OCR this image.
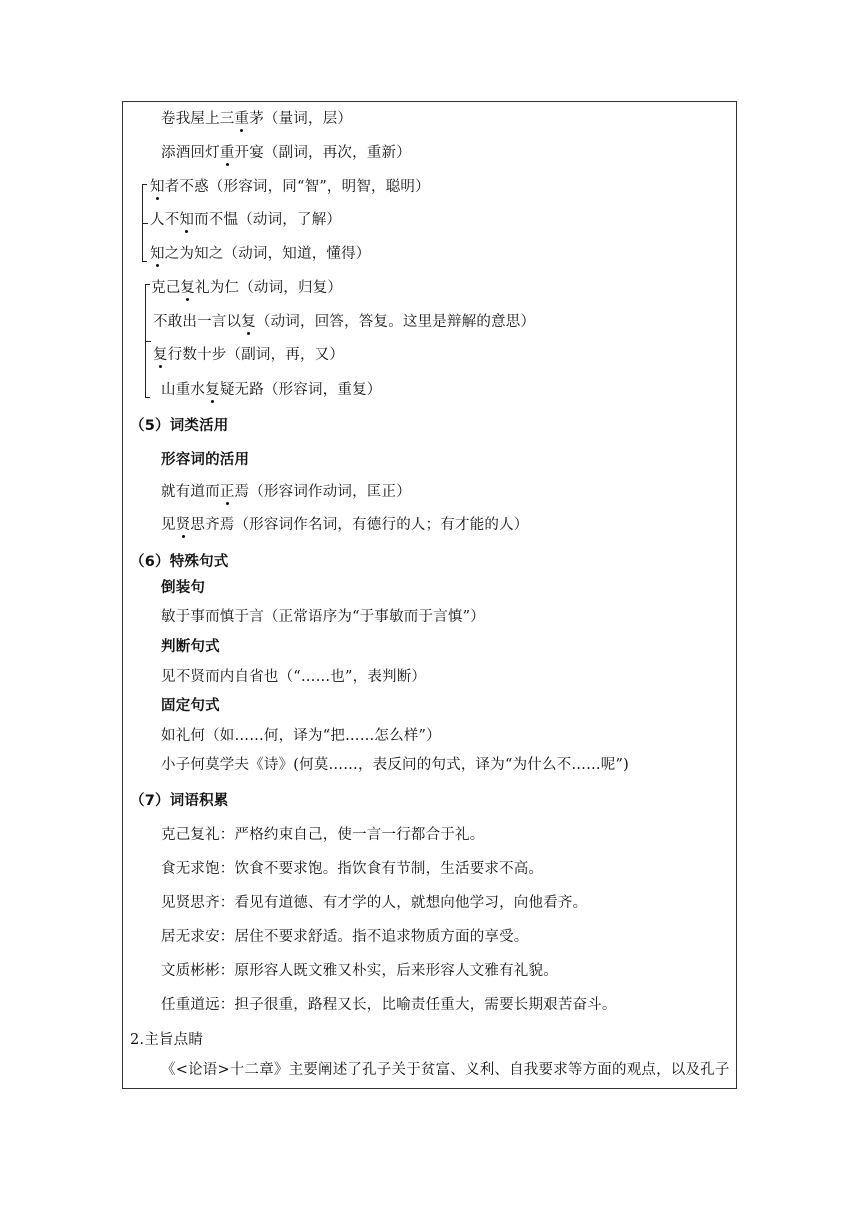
卷我屋上三重茅（量词，层）
添酒回灯重开宴（副词，再次，重新）
知者不惑（形容词，同“智”，明智，聪明）
人不知而不愠（动词，了解）
知之为知之（动词，知道，懂得）
克己复礼为仁（动词，归复）
不敢出一言以复（动词，回答，答复。这里是辩解的意思）
复行数十步（副词，再，又）
山重水复疑无路（形容词，重复）
（5）词类活用
形容词的活用
就有道而正焉（形容词作动词，匡正）
见贤思齐焉（形容词作名词，有德行的人；有才能的人）
（6）特殊句式
倒装句
敏于事而慎于言（正常语序为“于事敏而于言慎”）
判断句式
见不贤而内自省也（“……也”，表判断）
固定句式
如礼何（如……何，译为“把……怎么样”）
小子何莫学夫《诗》(何莫……，表反问的句式，译为“为什么不……呢”)
（7）词语积累
克己复礼：严格约束自己，使一言一行都合于礼。
食无求饱：饮食不要求饱。指饮食有节制，生活要求不高。
见贤思齐：看见有道德、有才学的人，就想向他学习，向他看齐。
居无求安：居住不要求舒适。指不追求物质方面的享受。
文质彬彬：原形容人既文雅又朴实，后来形容人文雅有礼貌。
任重道远：担子很重，路程又长，比喻责任重大，需要长期艰苦奋斗。
2.主旨点睛
《<论语>十二章》主要阐述了孔子关于贫富、义利、自我要求等方面的观点，以及孔子
